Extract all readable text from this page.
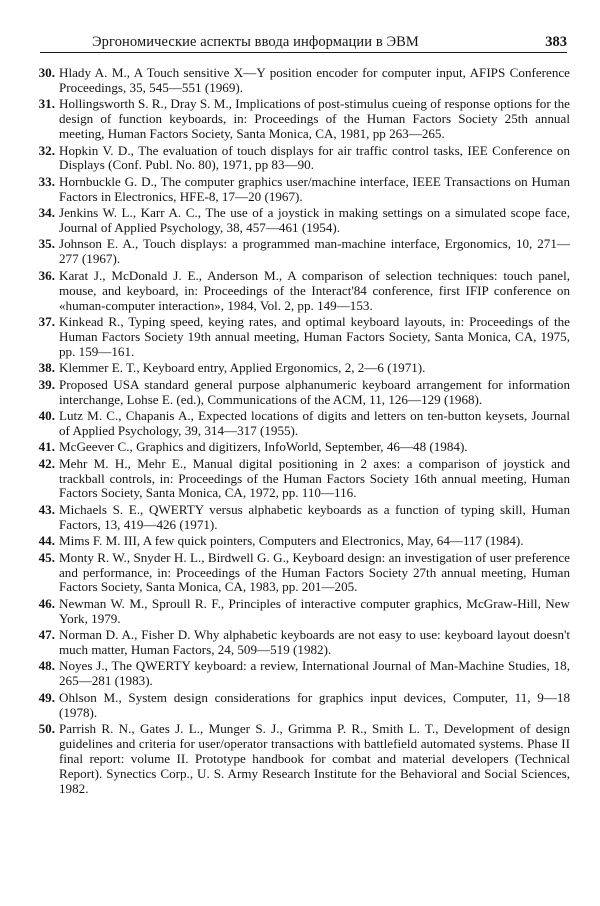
Эргономические аспекты ввода информации в ЭВМ	383
30. Hlady A. M., A Touch sensitive X—Y position encoder for computer input, AFIPS Conference Proceedings, 35, 545—551 (1969).
31. Hollingsworth S. R., Dray S. M., Implications of post-stimulus cueing of response options for the design of function keyboards, in: Proceedings of the Human Factors Society 25th annual meeting, Human Factors Society, Santa Monica, CA, 1981, pp 263—265.
32. Hopkin V. D., The evaluation of touch displays for air traffic control tasks, IEE Conference on Displays (Conf. Publ. No. 80), 1971, pp 83—90.
33. Hornbuckle G. D., The computer graphics user/machine interface, IEEE Transactions on Human Factors in Electronics, HFE-8, 17—20 (1967).
34. Jenkins W. L., Karr A. C., The use of a joystick in making settings on a simulated scope face, Journal of Applied Psychology, 38, 457—461 (1954).
35. Johnson E. A., Touch displays: a programmed man-machine interface, Ergonomics, 10, 271—277 (1967).
36. Karat J., McDonald J. E., Anderson M., A comparison of selection techniques: touch panel, mouse, and keyboard, in: Proceedings of the Interact'84 conference, first IFIP conference on «human-computer interaction», 1984, Vol. 2, pp. 149—153.
37. Kinkead R., Typing speed, keying rates, and optimal keyboard layouts, in: Proceedings of the Human Factors Society 19th annual meeting, Human Factors Society, Santa Monica, CA, 1975, pp. 159—161.
38. Klemmer E. T., Keyboard entry, Applied Ergonomics, 2, 2—6 (1971).
39. Proposed USA standard general purpose alphanumeric keyboard arrangement for information interchange, Lohse E. (ed.), Communications of the ACM, 11, 126—129 (1968).
40. Lutz M. C., Chapanis A., Expected locations of digits and letters on ten-button keysets, Journal of Applied Psychology, 39, 314—317 (1955).
41. McGeever C., Graphics and digitizers, InfoWorld, September, 46—48 (1984).
42. Mehr M. H., Mehr E., Manual digital positioning in 2 axes: a comparison of joystick and trackball controls, in: Proceedings of the Human Factors Society 16th annual meeting, Human Factors Society, Santa Monica, CA, 1972, pp. 110—116.
43. Michaels S. E., QWERTY versus alphabetic keyboards as a function of typing skill, Human Factors, 13, 419—426 (1971).
44. Mims F. M. III, A few quick pointers, Computers and Electronics, May, 64—117 (1984).
45. Monty R. W., Snyder H. L., Birdwell G. G., Keyboard design: an investigation of user preference and performance, in: Proceedings of the Human Factors Society 27th annual meeting, Human Factors Society, Santa Monica, CA, 1983, pp. 201—205.
46. Newman W. M., Sproull R. F., Principles of interactive computer graphics, McGraw-Hill, New York, 1979.
47. Norman D. A., Fisher D. Why alphabetic keyboards are not easy to use: keyboard layout doesn't much matter, Human Factors, 24, 509—519 (1982).
48. Noyes J., The QWERTY keyboard: a review, International Journal of Man-Machine Studies, 18, 265—281 (1983).
49. Ohlson M., System design considerations for graphics input devices, Computer, 11, 9—18 (1978).
50. Parrish R. N., Gates J. L., Munger S. J., Grimma P. R., Smith L. T., Development of design guidelines and criteria for user/operator transactions with battlefield automated systems. Phase II final report: volume II. Prototype handbook for combat and material developers (Technical Report). Synectics Corp., U. S. Army Research Institute for the Behavioral and Social Sciences, 1982.
